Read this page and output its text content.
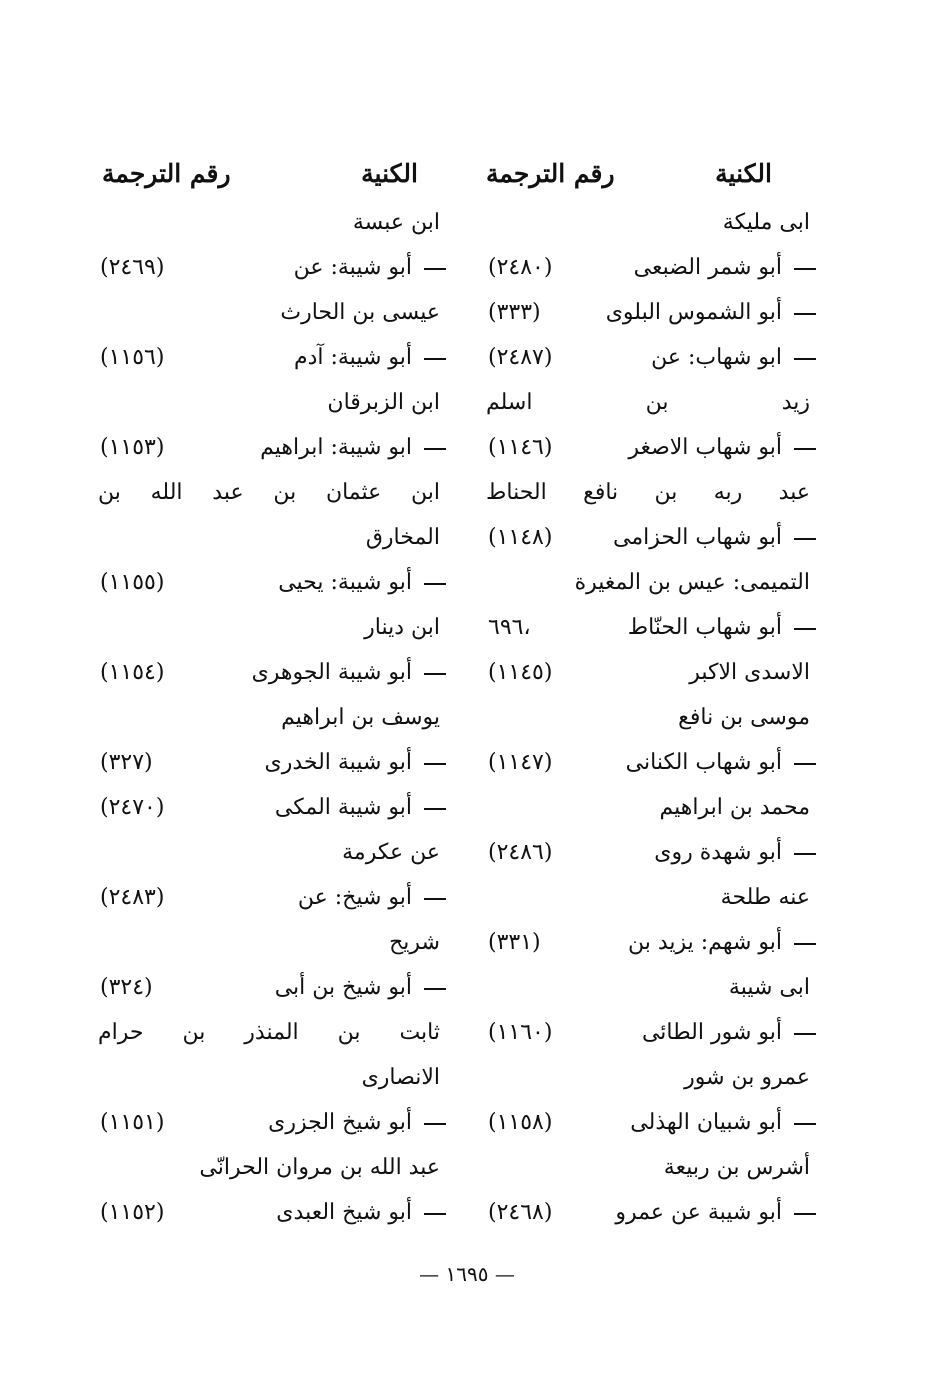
الكنية
رقم الترجمة
ابى مليكة
أبو شمر الضبعى
(٢٤٨٠)
أبو الشموس البلوى
(٣٣٣)
ابو شهاب: عن
(٢٤٨٧)
زيد
بن
اسلم
أبو شهاب الاصغر
(١١٤٦)
عبد
ربه
بن
نافع
الحناط
أبو شهاب الحزامى
(١١٤٨)
التميمى: عيس بن المغيرة
أبو شهاب الحنّاط
٦٩٦،
الاسدى الاكبر
(١١٤٥)
موسى بن نافع
أبو شهاب الكنانى
(١١٤٧)
محمد بن ابراهيم
أبو شهدة روى
(٢٤٨٦)
عنه طلحة
أبو شهم: يزيد بن
(٣٣١)
ابى شيبة
أبو شور الطائى
(١١٦٠)
عمرو بن شور
أبو شبيان الهذلى
(١١٥٨)
أشرس بن ربيعة
أبو شيبة عن عمرو
(٢٤٦٨)
الكنية
رقم الترجمة
ابن عبسة
أبو شيبة: عن
(٢٤٦٩)
عيسى بن الحارث
أبو شيبة: آدم
(١١٥٦)
ابن الزبرقان
ابو شيبة: ابراهيم
(١١٥٣)
ابن
عثمان
بن
عبد
الله
بن
المخارق
أبو شيبة: يحيى
(١١٥٥)
ابن دينار
أبو شيبة الجوهرى
(١١٥٤)
يوسف بن ابراهيم
أبو شيبة الخدرى
(٣٢٧)
أبو شيبة المكى
(٢٤٧٠)
عن عكرمة
أبو شيخ: عن
(٢٤٨٣)
شريح
أبو شيخ بن أبى
(٣٢٤)
ثابت
بن
المنذر
بن
حرام
الانصارى
أبو شيخ الجزرى
(١١٥١)
عبد الله بن مروان الحرانّى
أبو شيخ العبدى
(١١٥٢)
— ١٦٩٥ —
